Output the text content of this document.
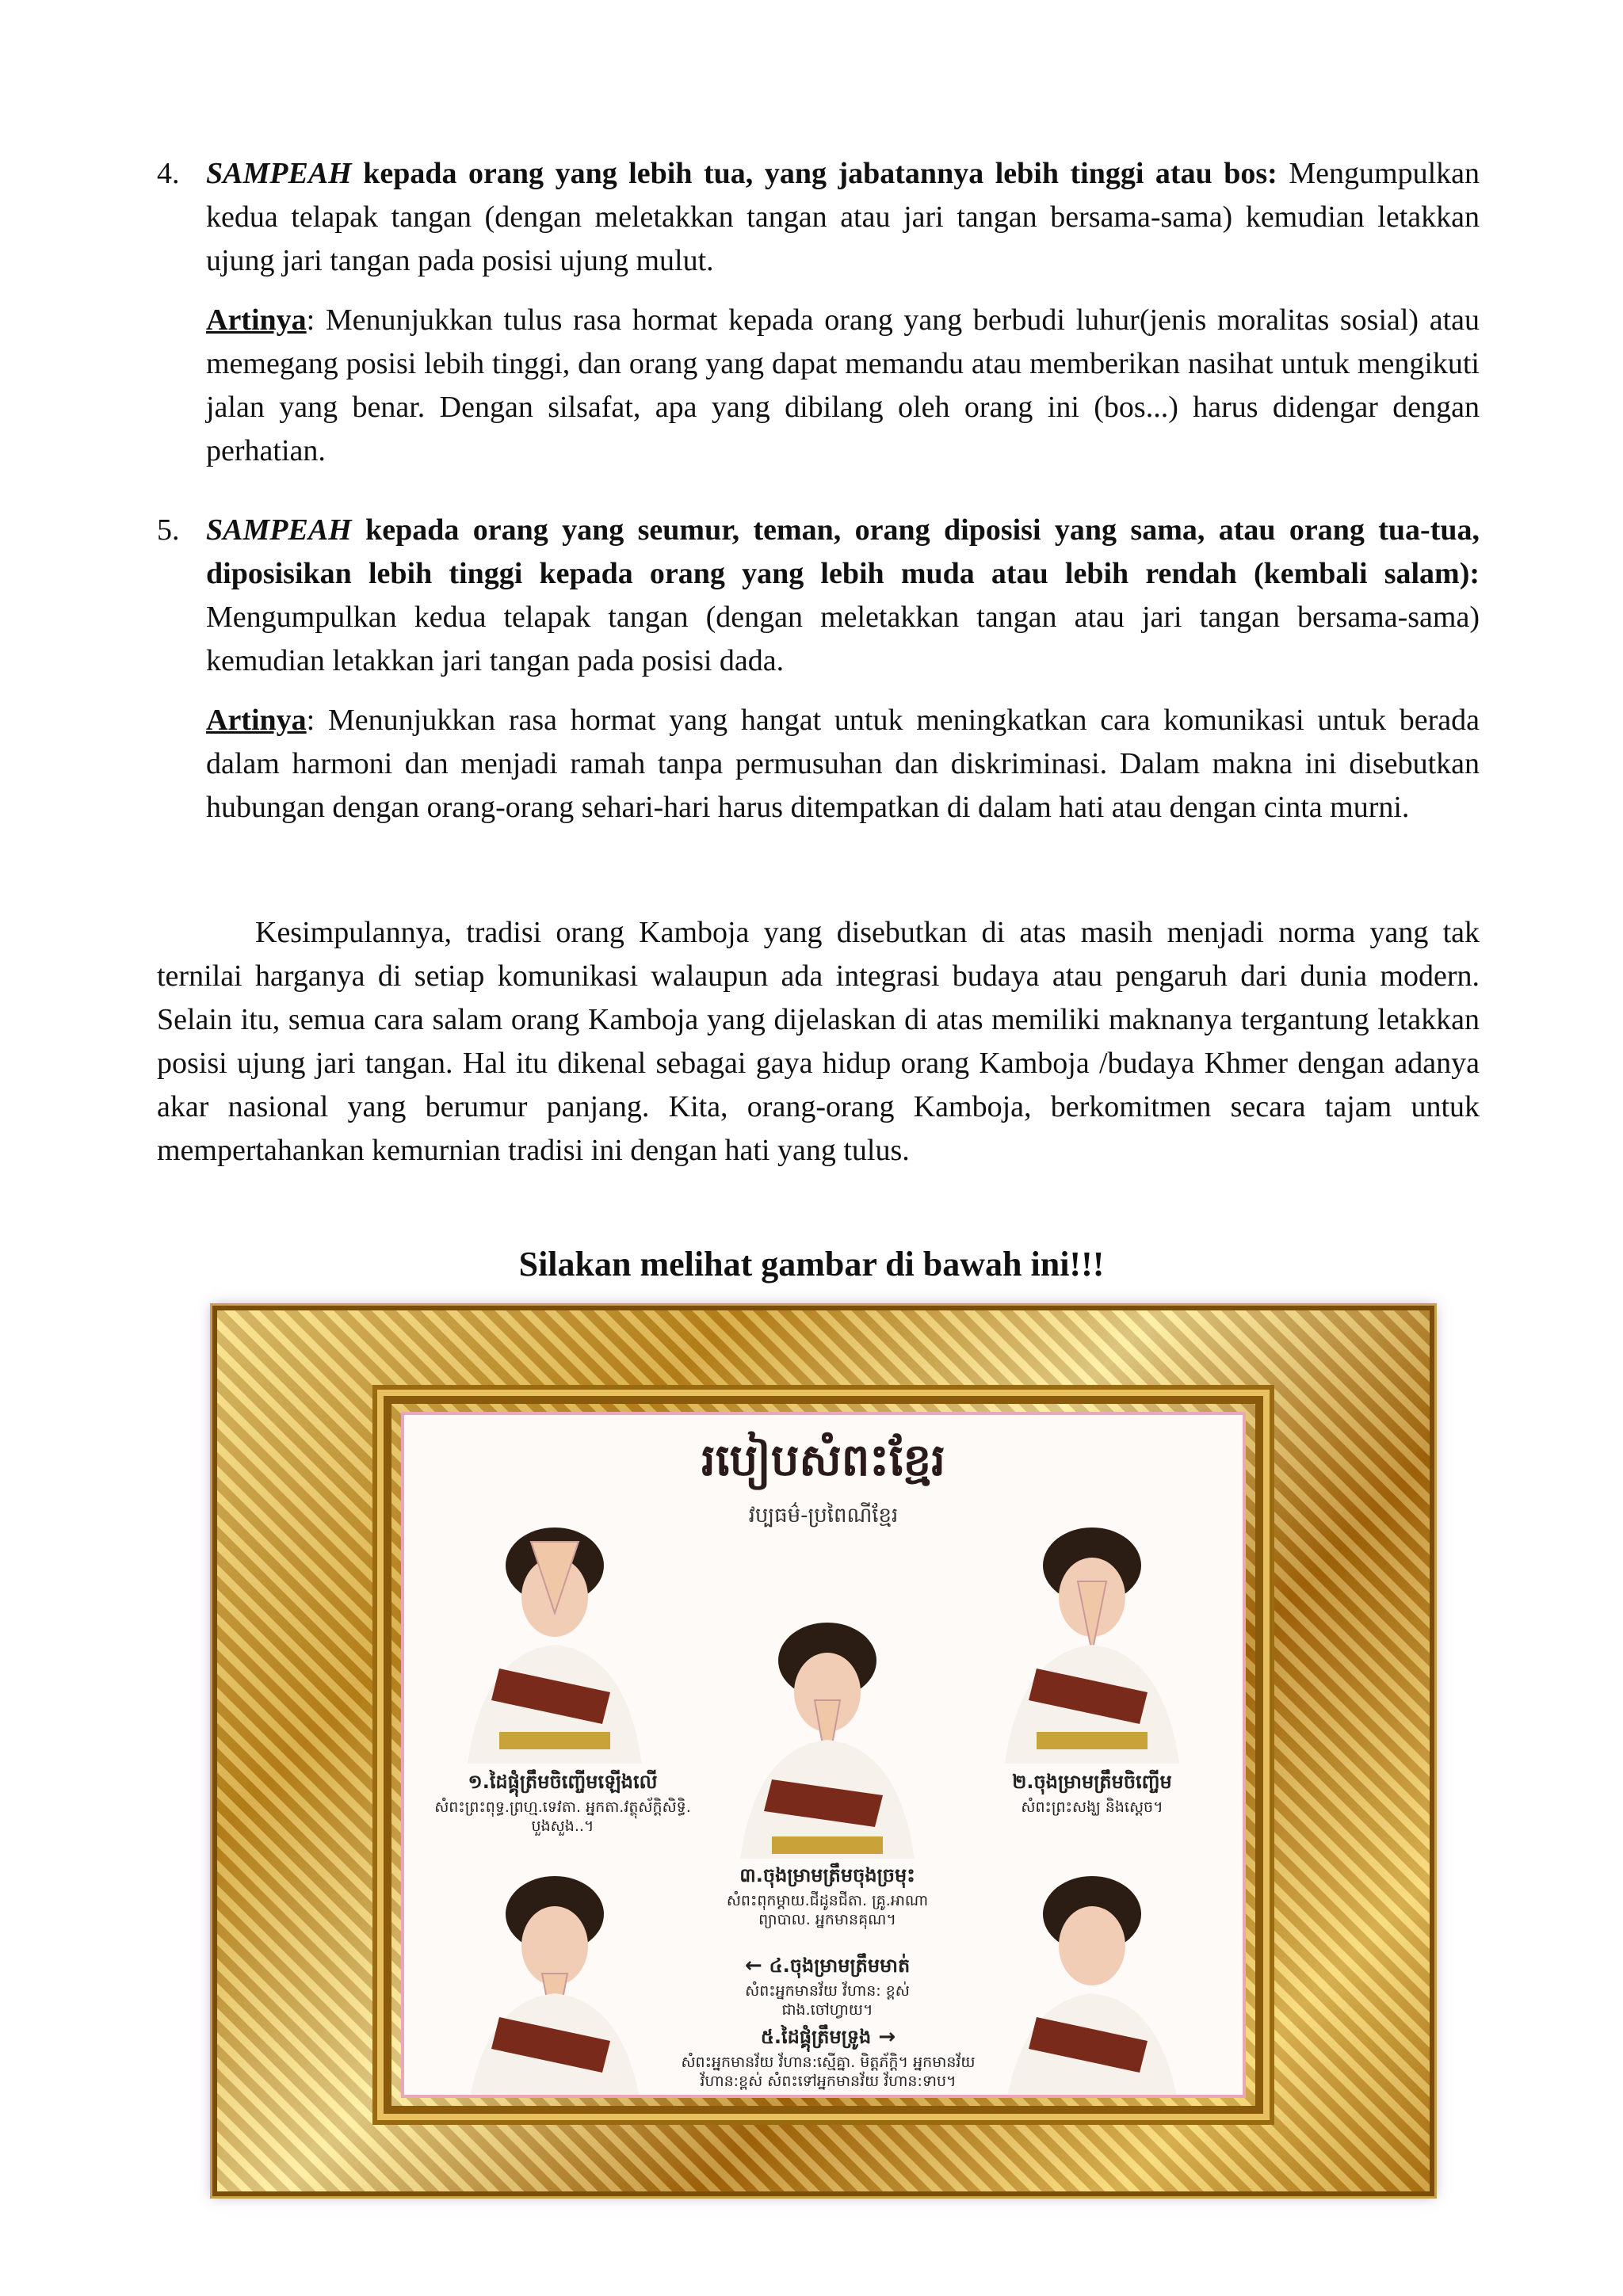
4. SAMPEAH kepada orang yang lebih tua, yang jabatannya lebih tinggi atau bos: Mengumpulkan kedua telapak tangan (dengan meletakkan tangan atau jari tangan bersama-sama) kemudian letakkan ujung jari tangan pada posisi ujung mulut.

Artinya: Menunjukkan tulus rasa hormat kepada orang yang berbudi luhur(jenis moralitas sosial) atau memegang posisi lebih tinggi, dan orang yang dapat memandu atau memberikan nasihat untuk mengikuti jalan yang benar. Dengan silsafat, apa yang dibilang oleh orang ini (bos...) harus didengar dengan perhatian.

5. SAMPEAH kepada orang yang seumur, teman, orang diposisi yang sama, atau orang tua-tua, diposisikan lebih tinggi kepada orang yang lebih muda atau lebih rendah (kembali salam): Mengumpulkan kedua telapak tangan (dengan meletakkan tangan atau jari tangan bersama-sama) kemudian letakkan jari tangan pada posisi dada.

Artinya: Menunjukkan rasa hormat yang hangat untuk meningkatkan cara komunikasi untuk berada dalam harmoni dan menjadi ramah tanpa permusuhan dan diskriminasi. Dalam makna ini disebutkan hubungan dengan orang-orang sehari-hari harus ditempatkan di dalam hati atau dengan cinta murni.

Kesimpulannya, tradisi orang Kamboja yang disebutkan di atas masih menjadi norma yang tak ternilai harganya di setiap komunikasi walaupun ada integrasi budaya atau pengaruh dari dunia modern. Selain itu, semua cara salam orang Kamboja yang dijelaskan di atas memiliki maknanya tergantung letakkan posisi ujung jari tangan. Hal itu dikenal sebagai gaya hidup orang Kamboja /budaya Khmer dengan adanya akar nasional yang berumur panjang. Kita, orang-orang Kamboja, berkomitmen secara tajam untuk mempertahankan kemurnian tradisi ini dengan hati yang tulus.

Silakan melihat gambar di bawah ini!!!

របៀបសំពះខ្មែរ
វប្បធម៌-ប្រពៃណីខ្មែរ
១.ដៃផ្គុំត្រឹមចិញ្ចើមឡើងលើ
សំពះព្រះពុទ្ធ.ព្រហ្ម.ទេវតា. អ្នកតា.វត្ថុស័ក្តិសិទ្ធិ. បួងសួង..។
២.ចុងម្រាមត្រឹមចិញ្ចើម
សំពះព្រះសង្ឃ និងស្តេច។
៣.ចុងម្រាមត្រឹមចុងច្រមុះ
សំពះពុកម្ដាយ.ជីដូនជីតា. គ្រូ.អាណាព្យាបាល. អ្នកមានគុណ។
← ៤.ចុងម្រាមត្រឹមមាត់
សំពះអ្នកមានវ័យ វ័ហាន: ខ្ពស់ជាង.ចៅហ្វាយ។
៥.ដៃផ្គុំត្រឹមទ្រូង →
សំពះអ្នកមានវ័យ វ័ហាន:ស្មើគ្នា. មិត្តភ័ក្តិ។ អ្នកមានវ័យ វ័ហាន:ខ្ពស់ សំពះទៅអ្នកមានវ័យ វ័ហាន:ទាប។
